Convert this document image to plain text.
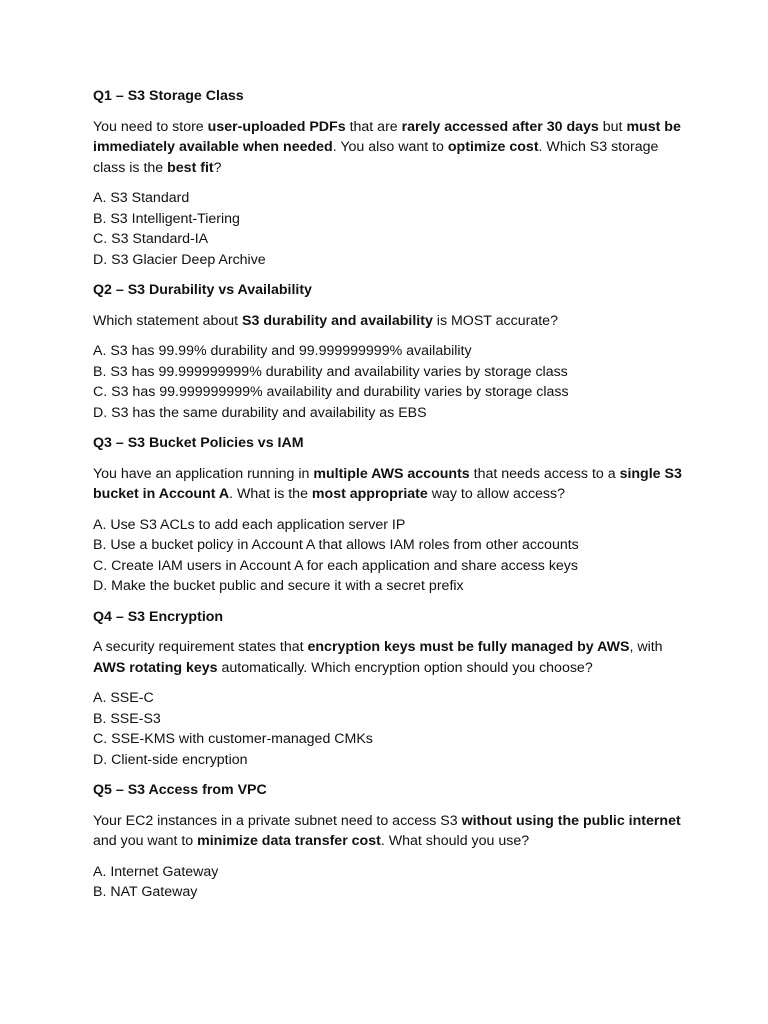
Q1 – S3 Storage Class
You need to store user-uploaded PDFs that are rarely accessed after 30 days but must be immediately available when needed. You also want to optimize cost. Which S3 storage class is the best fit?
A. S3 Standard
B. S3 Intelligent-Tiering
C. S3 Standard-IA
D. S3 Glacier Deep Archive
Q2 – S3 Durability vs Availability
Which statement about S3 durability and availability is MOST accurate?
A. S3 has 99.99% durability and 99.999999999% availability
B. S3 has 99.999999999% durability and availability varies by storage class
C. S3 has 99.999999999% availability and durability varies by storage class
D. S3 has the same durability and availability as EBS
Q3 – S3 Bucket Policies vs IAM
You have an application running in multiple AWS accounts that needs access to a single S3 bucket in Account A. What is the most appropriate way to allow access?
A. Use S3 ACLs to add each application server IP
B. Use a bucket policy in Account A that allows IAM roles from other accounts
C. Create IAM users in Account A for each application and share access keys
D. Make the bucket public and secure it with a secret prefix
Q4 – S3 Encryption
A security requirement states that encryption keys must be fully managed by AWS, with AWS rotating keys automatically. Which encryption option should you choose?
A. SSE-C
B. SSE-S3
C. SSE-KMS with customer-managed CMKs
D. Client-side encryption
Q5 – S3 Access from VPC
Your EC2 instances in a private subnet need to access S3 without using the public internet and you want to minimize data transfer cost. What should you use?
A. Internet Gateway
B. NAT Gateway
